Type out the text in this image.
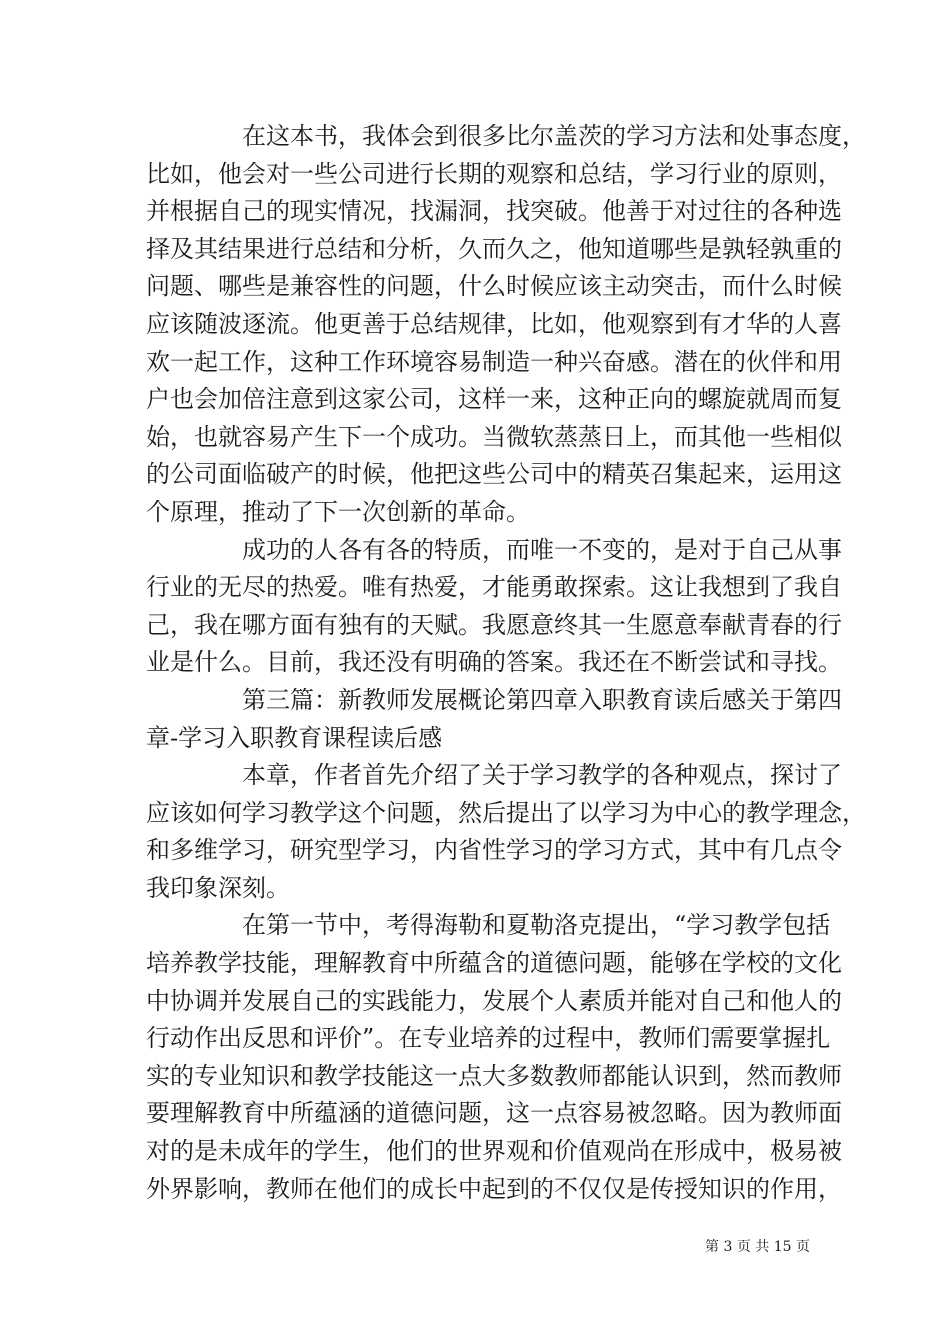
在这本书，我体会到很多比尔盖茨的学习方法和处事态度，
比如，他会对一些公司进行长期的观察和总结，学习行业的原则，
并根据自己的现实情况，找漏洞，找突破。他善于对过往的各种选
择及其结果进行总结和分析，久而久之，他知道哪些是孰轻孰重的
问题、哪些是兼容性的问题，什么时候应该主动突击，而什么时候
应该随波逐流。他更善于总结规律，比如，他观察到有才华的人喜
欢一起工作，这种工作环境容易制造一种兴奋感。潜在的伙伴和用
户也会加倍注意到这家公司，这样一来，这种正向的螺旋就周而复
始，也就容易产生下一个成功。当微软蒸蒸日上，而其他一些相似
的公司面临破产的时候，他把这些公司中的精英召集起来，运用这
个原理，推动了下一次创新的革命。
成功的人各有各的特质，而唯一不变的，是对于自己从事
行业的无尽的热爱。唯有热爱，才能勇敢探索。这让我想到了我自
己，我在哪方面有独有的天赋。我愿意终其一生愿意奉献青春的行
业是什么。目前，我还没有明确的答案。我还在不断尝试和寻找。
第三篇：新教师发展概论第四章入职教育读后感关于第四
章-学习入职教育课程读后感
本章，作者首先介绍了关于学习教学的各种观点，探讨了
应该如何学习教学这个问题，然后提出了以学习为中心的教学理念，
和多维学习，研究型学习，内省性学习的学习方式，其中有几点令
我印象深刻。
在第一节中，考得海勒和夏勒洛克提出，“学习教学包括
培养教学技能，理解教育中所蕴含的道德问题，能够在学校的文化
中协调并发展自己的实践能力，发展个人素质并能对自己和他人的
行动作出反思和评价”。在专业培养的过程中，教师们需要掌握扎
实的专业知识和教学技能这一点大多数教师都能认识到，然而教师
要理解教育中所蕴涵的道德问题，这一点容易被忽略。因为教师面
对的是未成年的学生，他们的世界观和价值观尚在形成中，极易被
外界影响，教师在他们的成长中起到的不仅仅是传授知识的作用，
第 3 页 共 15 页
